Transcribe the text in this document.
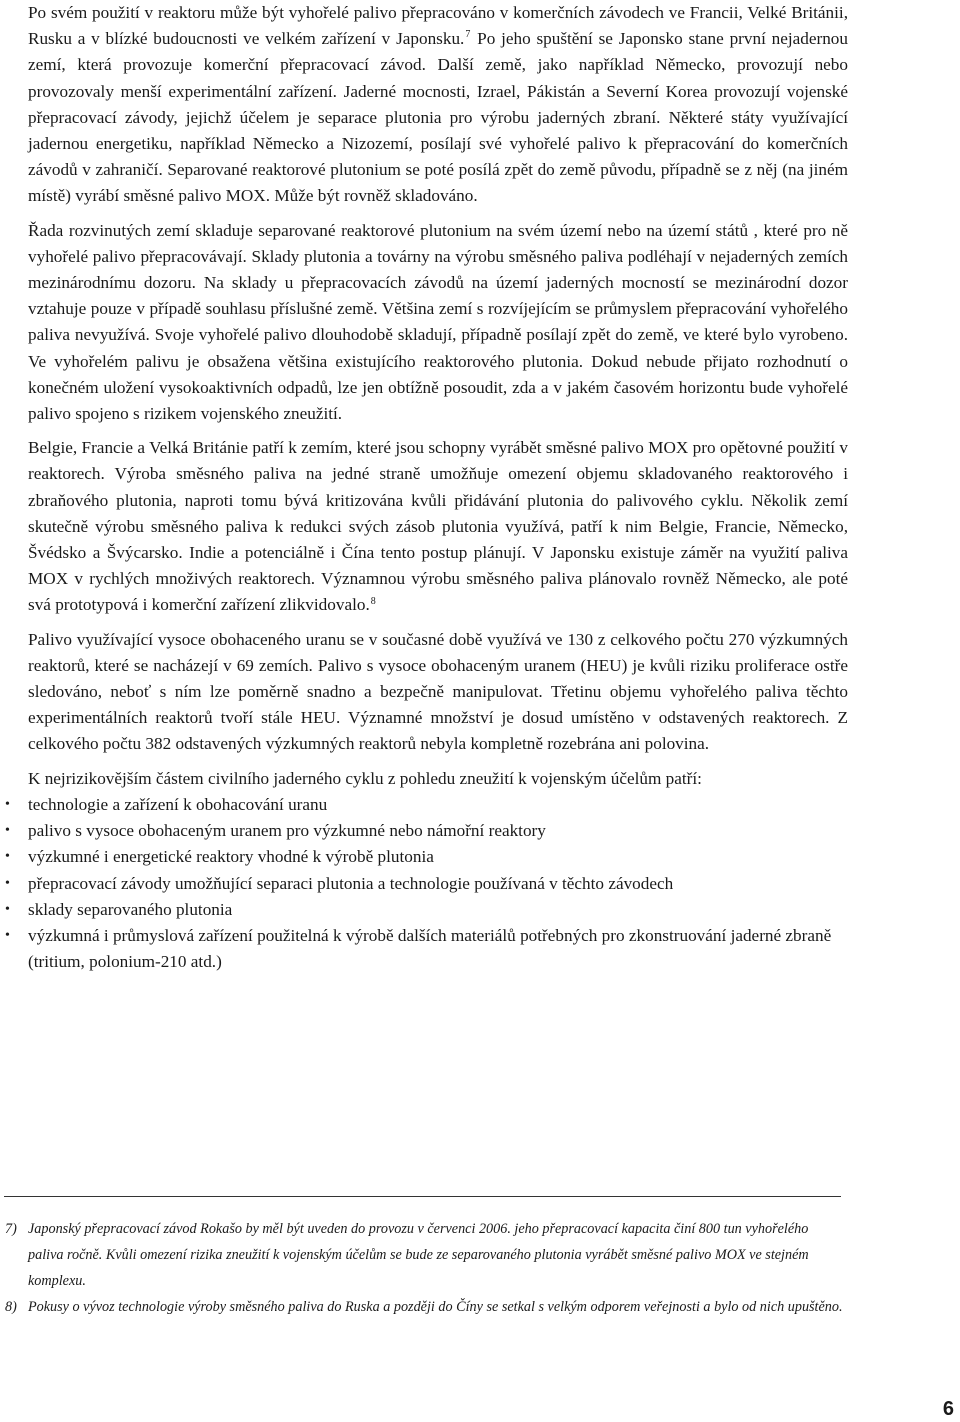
Po svém použití v reaktoru může být vyhořelé palivo přepracováno v komerčních závodech ve Francii, Velké Británii, Rusku a v blízké budoucnosti ve velkém zařízení v Japonsku.$^7$ Po jeho spuštění se Japonsko stane první nejadernou zemí, která provozuje komerční přepracovací závod. Další země, jako například Německo, provozují nebo provozovaly menší experimentální zařízení. Jaderné mocnosti, Izrael, Pákistán a Severní Korea provozují vojenské přepracovací závody, jejichž účelem je separace plutonia pro výrobu jaderných zbraní. Některé státy využívající jadernou energetiku, například Německo a Nizozemí, posílají své vyhořelé palivo k přepracování do komerčních závodů v zahraničí. Separované reaktorové plutonium se poté posílá zpět do země původu, případně se z něj (na jiném místě) vyrábí směsné palivo MOX. Může být rovněž skladováno.

Řada rozvinutých zemí skladuje separované reaktorové plutonium na svém území nebo na území států , které pro ně vyhořelé palivo přepracovávají. Sklady plutonia a továrny na výrobu směsného paliva podléhají v nejaderných zemích mezinárodnímu dozoru. Na sklady u přepracovacích závodů na území jaderných mocností se mezinárodní dozor vztahuje pouze v případě souhlasu příslušné země. Většina zemí s rozvíjejícím se průmyslem přepracování vyhořelého paliva nevyužívá. Svoje vyhořelé palivo dlouhodobě skladují, případně posílají zpět do země, ve které bylo vyrobeno. Ve vyhořelém palivu je obsažena většina existujícího reaktorového plutonia. Dokud nebude přijato rozhodnutí o konečném uložení vysokoaktivních odpadů, lze jen obtížně posoudit, zda a v jakém časovém horizontu bude vyhořelé palivo spojeno s rizikem vojenského zneužití.

Belgie, Francie a Velká Británie patří k zemím, které jsou schopny vyrábět směsné palivo MOX pro opětovné použití v reaktorech. Výroba směsného paliva na jedné straně umožňuje omezení objemu skladovaného reaktorového i zbraňového plutonia, naproti tomu bývá kritizována kvůli přidávání plutonia do palivového cyklu. Několik zemí skutečně výrobu směsného paliva k redukci svých zásob plutonia využívá, patří k nim Belgie, Francie, Německo, Švédsko a Švýcarsko. Indie a potenciálně i Čína tento postup plánují. V Japonsku existuje záměr na využití paliva MOX v rychlých množivých reaktorech. Významnou výrobu směsného paliva plánovalo rovněž Německo, ale poté svá prototypová i komerční zařízení zlikvidovalo.$^8$

Palivo využívající vysoce obohaceného uranu se v současné době využívá ve 130 z celkového počtu 270 výzkumných reaktorů, které se nacházejí v 69 zemích. Palivo s vysoce obohaceným uranem (HEU) je kvůli riziku proliferace ostře sledováno, neboť s ním lze poměrně snadno a bezpečně manipulovat. Třetinu objemu vyhořelého paliva těchto experimentálních reaktorů tvoří stále HEU. Významné množství je dosud umístěno v odstavených reaktorech. Z celkového počtu 382 odstavených výzkumných reaktorů nebyla kompletně rozebrána ani polovina.

K nejrizikovějším částem civilního jaderného cyklu z pohledu zneužití k vojenským účelům patří:

• technologie a zařízení k obohacování uranu
• palivo s vysoce obohaceným uranem pro výzkumné nebo námořní reaktory
• výzkumné i energetické reaktory vhodné k výrobě plutonia
• přepracovací závody umožňující separaci plutonia a technologie používaná v těchto závodech
• sklady separovaného plutonia
• výzkumná i průmyslová zařízení použitelná k výrobě dalších materiálů potřebných pro zkonstruování jaderné zbraně (tritium, polonium-210 atd.)
7) Japonský přepracovací závod Rokašo by měl být uveden do provozu v červenci 2006. jeho přepracovací kapacita činí 800 tun vyhořelého paliva ročně. Kvůli omezení rizika zneužití k vojenským účelům se bude ze separovaného plutonia vyrábět směsné palivo MOX ve stejném komplexu.
8) Pokusy o vývoz technologie výroby směsného paliva do Ruska a později do Číny se setkal s velkým odporem veřejnosti a bylo od nich upuštěno.
6
